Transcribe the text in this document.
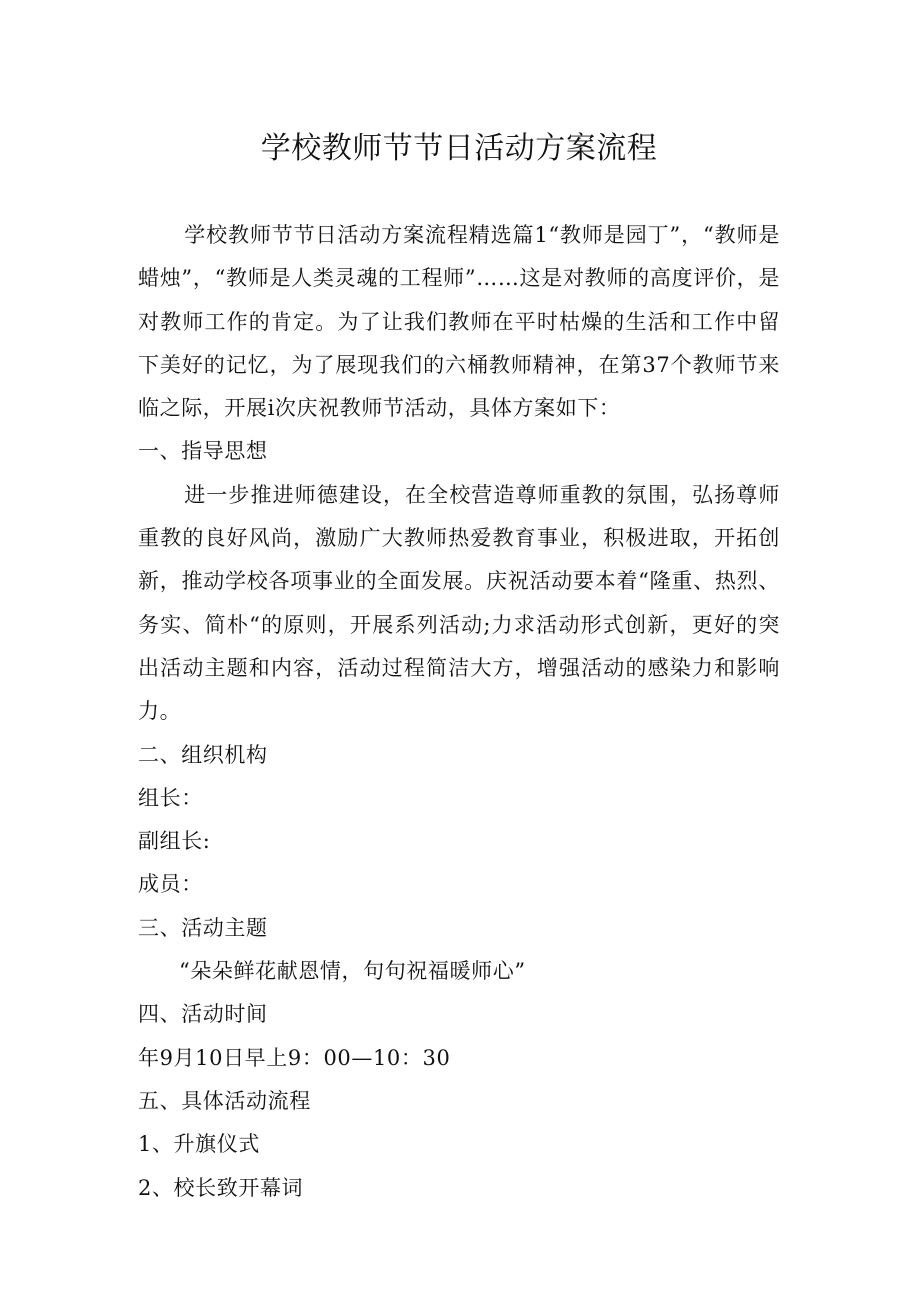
学校教师节节日活动方案流程

学校教师节节日活动方案流程精选篇1“教师是园丁”，“教师是蜡烛”，“教师是人类灵魂的工程师”……这是对教师的高度评价，是对教师工作的肯定。为了让我们教师在平时枯燥的生活和工作中留下美好的记忆，为了展现我们的六桶教师精神，在第37个教师节来临之际，开展i次庆祝教师节活动，具体方案如下：

一、指导思想

进一步推进师德建设，在全校营造尊师重教的氛围，弘扬尊师重教的良好风尚，激励广大教师热爱教育事业，积极进取，开拓创新，推动学校各项事业的全面发展。庆祝活动要本着“隆重、热烈、务实、简朴“的原则，开展系列活动;力求活动形式创新，更好的突出活动主题和内容，活动过程简洁大方，增强活动的感染力和影响力。

二、组织机构

组长：

副组长:

成员：

三、活动主题

“朵朵鲜花献恩情，句句祝福暖师心”

四、活动时间

年9月10日早上9：00—10：30

五、具体活动流程

1、升旗仪式

2、校长致开幕词
